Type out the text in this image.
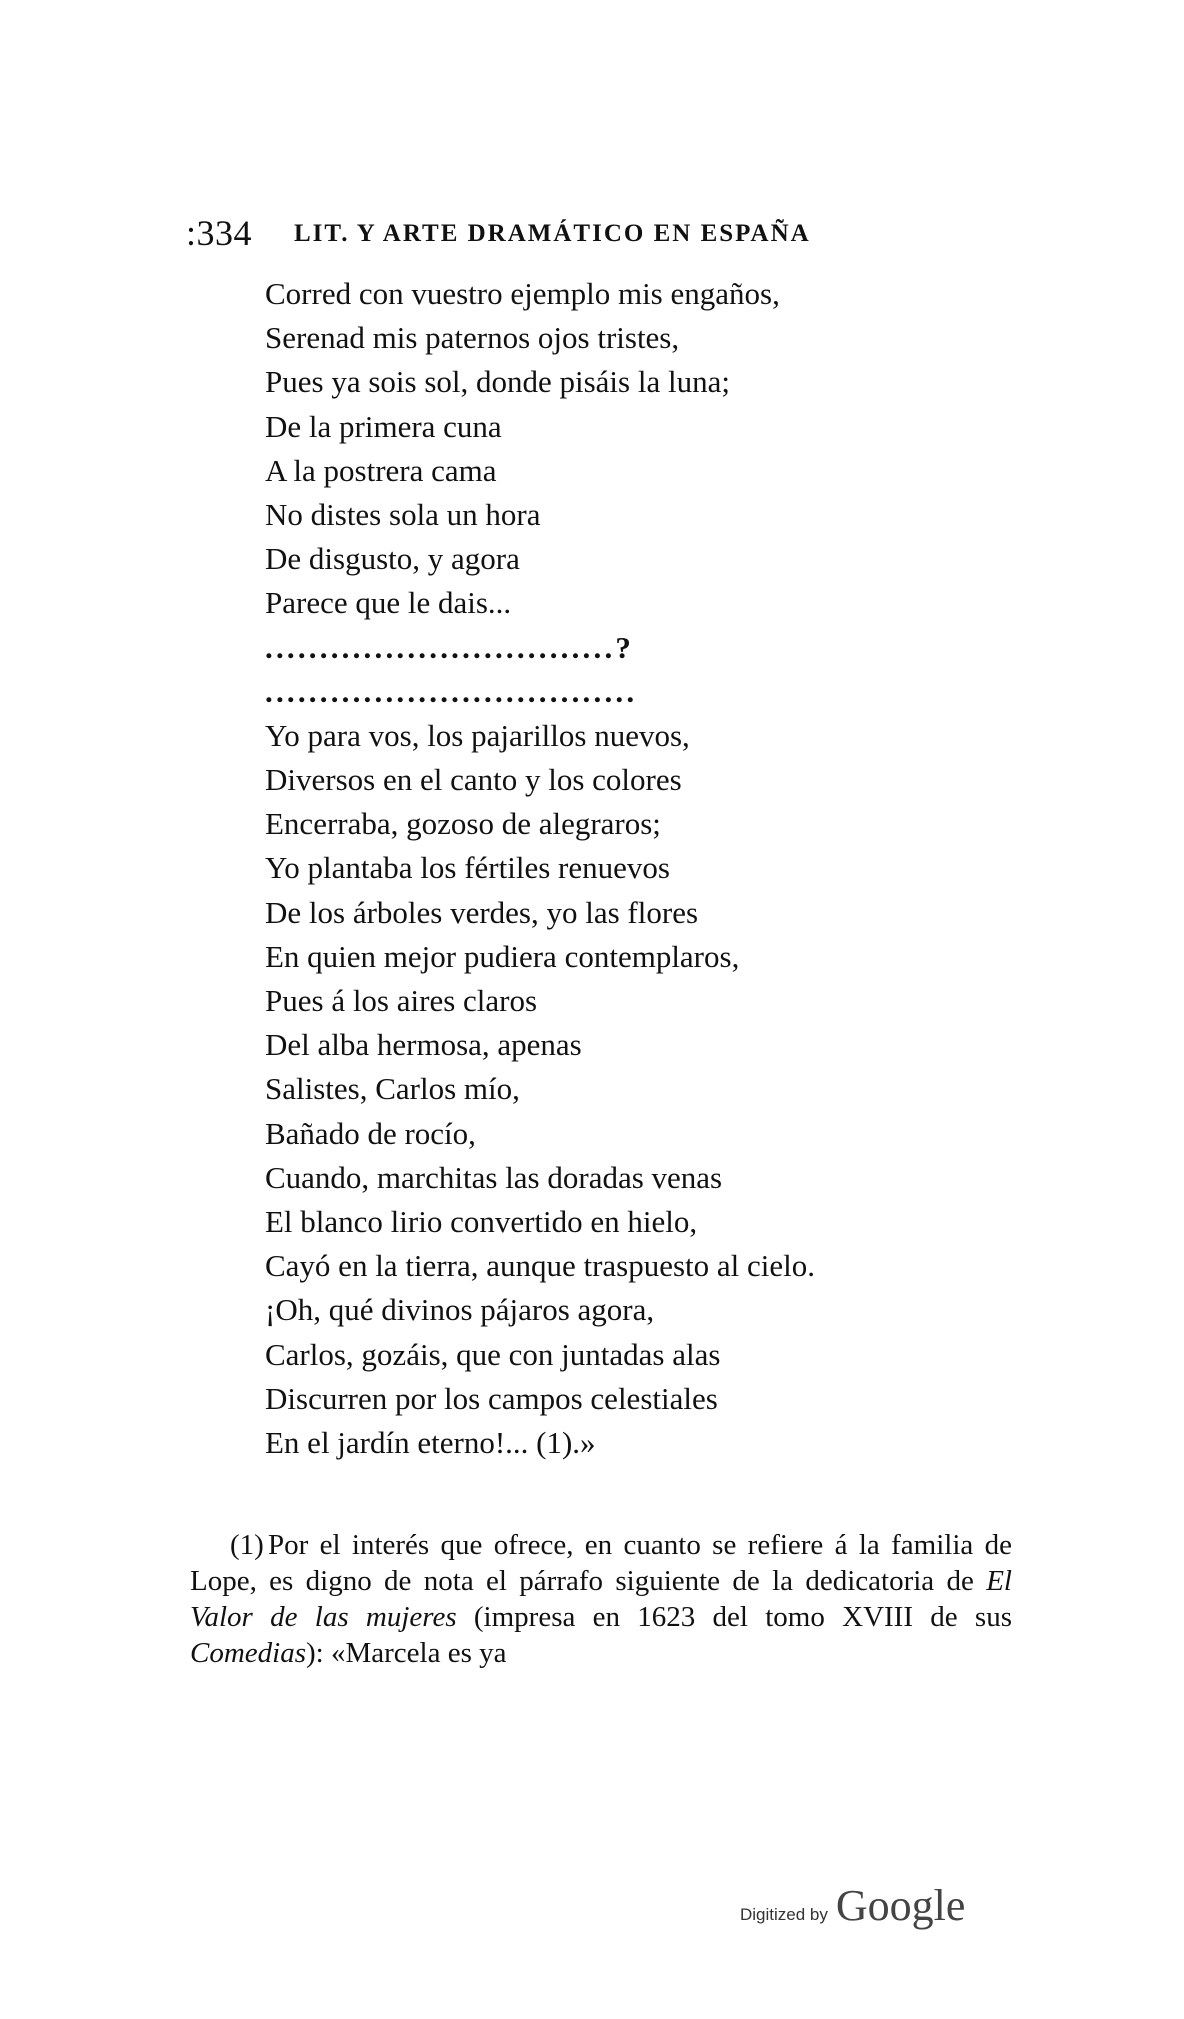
:334 LIT. Y ARTE DRAMÁTICO EN ESPAÑA
Corred con vuestro ejemplo mis engaños,
Serenad mis paternos ojos tristes,
Pues ya sois sol, donde pisáis la luna;
De la primera cuna
A la postrera cama
No distes sola un hora
De disgusto, y agora
Parece que le dais...
................................?
..................................
Yo para vos, los pajarillos nuevos,
Diversos en el canto y los colores
Encerraba, gozoso de alegraros;
Yo plantaba los fértiles renuevos
De los árboles verdes, yo las flores
En quien mejor pudiera contemplaros,
Pues á los aires claros
Del alba hermosa, apenas
Salistes, Carlos mío,
Bañado de rocío,
Cuando, marchitas las doradas venas
El blanco lirio convertido en hielo,
Cayó en la tierra, aunque traspuesto al cielo.
¡Oh, qué divinos pájaros agora,
Carlos, gozáis, que con juntadas alas
Discurren por los campos celestiales
En el jardín eterno!... (1).»

(1) Por el interés que ofrece, en cuanto se refiere á la familia de Lope, es digno de nota el párrafo siguiente de la dedicatoria de El Valor de las mujeres (impresa en 1623 del tomo XVIII de sus Comedias): «Marcela es ya

Digitized by Google
